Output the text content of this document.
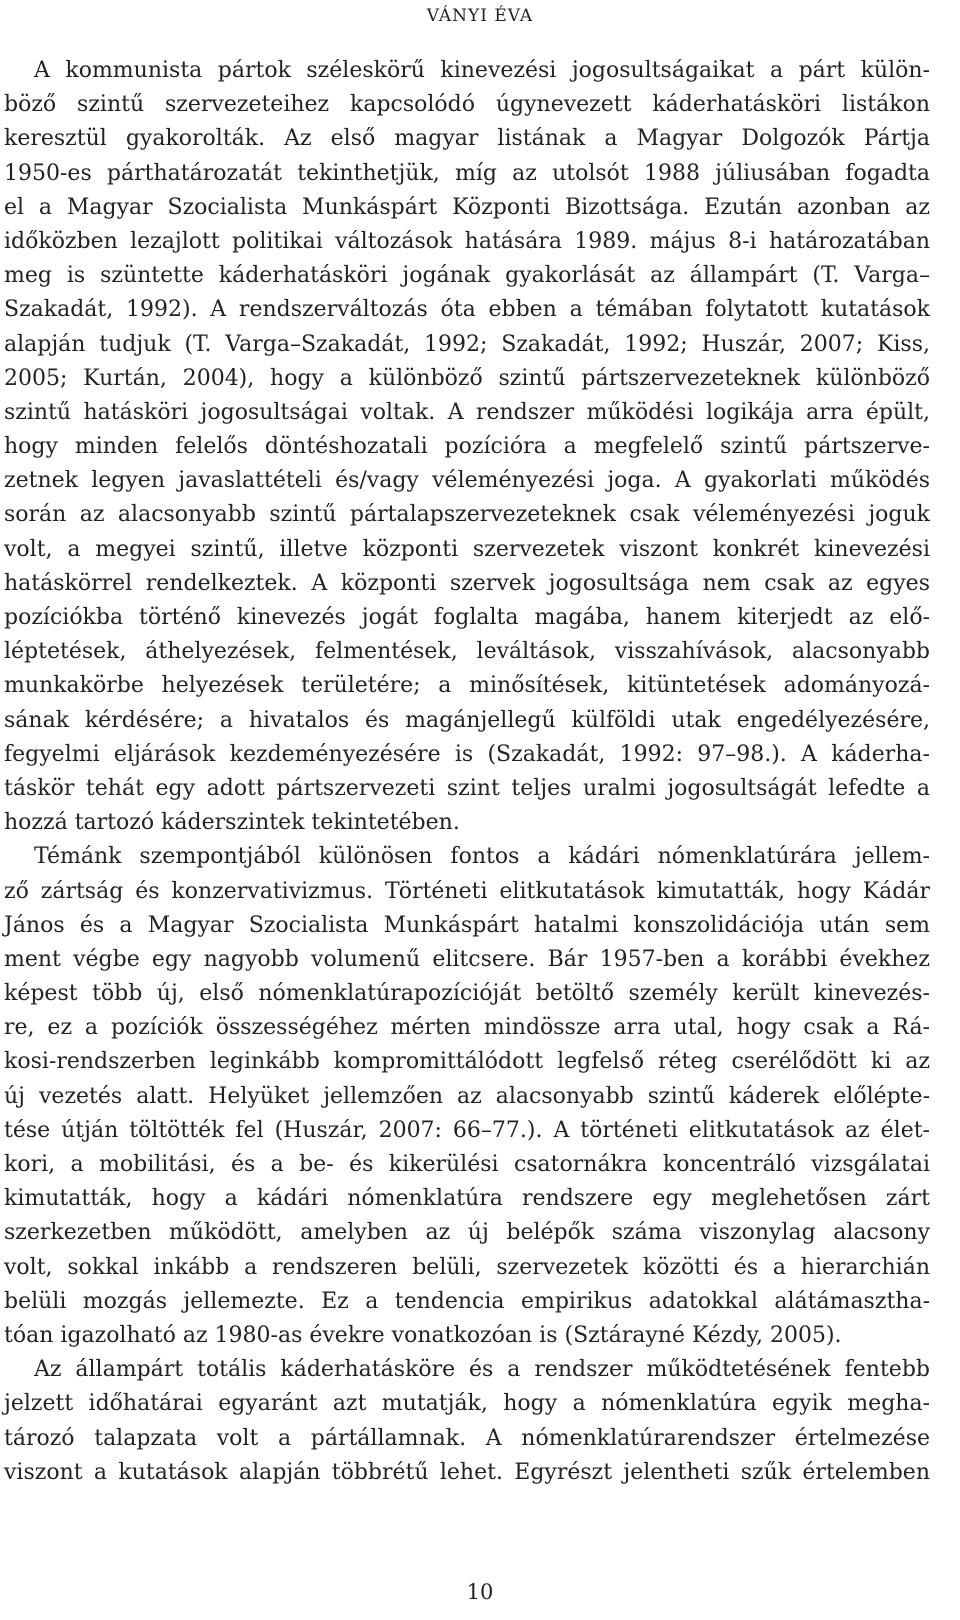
VÁNYI ÉVA
A kommunista pártok széleskörű kinevezési jogosultságaikat a párt külön-
böző szintű szervezeteihez kapcsolódó úgynevezett káderhatásköri listákon
keresztül gyakorolták. Az első magyar listának a Magyar Dolgozók Pártja
1950-es párthatározatát tekinthetjük, míg az utolsót 1988 júliusában fogadta
el a Magyar Szocialista Munkáspárt Központi Bizottsága. Ezután azonban az
időközben lezajlott politikai változások hatására 1989. május 8-i határozatában
meg is szüntette káderhatásköri jogának gyakorlását az állampárt (T. Varga–
Szakadát, 1992). A rendszerváltozás óta ebben a témában folytatott kutatások
alapján tudjuk (T. Varga–Szakadát, 1992; Szakadát, 1992; Huszár, 2007; Kiss,
2005; Kurtán, 2004), hogy a különböző szintű pártszervezeteknek különböző
szintű hatásköri jogosultságai voltak. A rendszer működési logikája arra épült,
hogy minden felelős döntéshozatali pozícióra a megfelelő szintű pártszerve-
zetnek legyen javaslattételi és/vagy véleményezési joga. A gyakorlati működés
során az alacsonyabb szintű pártalapszervezeteknek csak véleményezési joguk
volt, a megyei szintű, illetve központi szervezetek viszont konkrét kinevezési
hatáskörrel rendelkeztek. A központi szervek jogosultsága nem csak az egyes
pozíciókba történő kinevezés jogát foglalta magába, hanem kiterjedt az elő-
léptetések, áthelyezések, felmentések, leváltások, visszahívások, alacsonyabb
munkakörbe helyezések területére; a minősítések, kitüntetések adományozá-
sának kérdésére; a hivatalos és magánjellegű külföldi utak engedélyezésére,
fegyelmi eljárások kezdeményezésére is (Szakadát, 1992: 97–98.). A káderha-
táskör tehát egy adott pártszervezeti szint teljes uralmi jogosultságát lefedte a
hozzá tartozó káderszintek tekintetében.
Témánk szempontjából különösen fontos a kádári nómenklatúrára jellem-
ző zártság és konzervativizmus. Történeti elitkutatások kimutatták, hogy Kádár
János és a Magyar Szocialista Munkáspárt hatalmi konszolidációja után sem
ment végbe egy nagyobb volumenű elitcsere. Bár 1957-ben a korábbi évekhez
képest több új, első nómenklatúrapozícióját betöltő személy került kinevezés-
re, ez a pozíciók összességéhez mérten mindössze arra utal, hogy csak a Rá-
kosi-rendszerben leginkább kompromittálódott legfelső réteg cserélődött ki az
új vezetés alatt. Helyüket jellemzően az alacsonyabb szintű káderek előlépte-
tése útján töltötték fel (Huszár, 2007: 66–77.). A történeti elitkutatások az élet-
kori, a mobilitási, és a be- és kikerülési csatornákra koncentráló vizsgálatai
kimutatták, hogy a kádári nómenklatúra rendszere egy meglehetősen zárt
szerkezetben működött, amelyben az új belépők száma viszonylag alacsony
volt, sokkal inkább a rendszeren belüli, szervezetek közötti és a hierarchián
belüli mozgás jellemezte. Ez a tendencia empirikus adatokkal alátámasztha-
tóan igazolható az 1980-as évekre vonatkozóan is (Sztárayné Kézdy, 2005).
Az állampárt totális káderhatásköre és a rendszer működtetésének fentebb
jelzett időhatárai egyaránt azt mutatják, hogy a nómenklatúra egyik megha-
tározó talapzata volt a pártállamnak. A nómenklatúrarendszer értelmezése
viszont a kutatások alapján többrétű lehet. Egyrészt jelentheti szűk értelemben
10
